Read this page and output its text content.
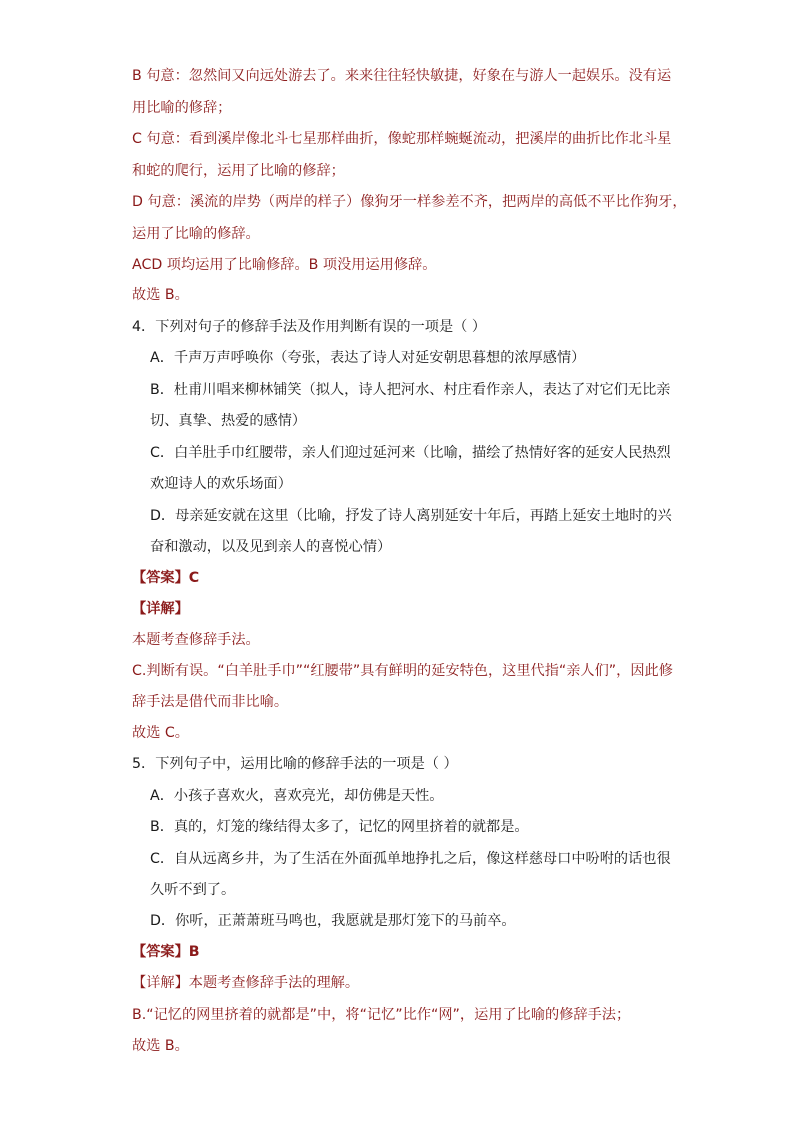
B 句意：忽然间又向远处游去了。来来往往轻快敏捷，好象在与游人一起娱乐。没有运
用比喻的修辞；
C 句意：看到溪岸像北斗七星那样曲折，像蛇那样蜿蜒流动，把溪岸的曲折比作北斗星
和蛇的爬行，运用了比喻的修辞；
D 句意：溪流的岸势（两岸的样子）像狗牙一样参差不齐，把两岸的高低不平比作狗牙，
运用了比喻的修辞。
ACD 项均运用了比喻修辞。B 项没用运用修辞。
故选 B。
4．下列对句子的修辞手法及作用判断有误的一项是（ ）
A．千声万声呼唤你（夸张，表达了诗人对延安朝思暮想的浓厚感情）
B．杜甫川唱来柳林铺笑（拟人，诗人把河水、村庄看作亲人，表达了对它们无比亲
切、真挚、热爱的感情）
C．白羊肚手巾红腰带，亲人们迎过延河来（比喻，描绘了热情好客的延安人民热烈
欢迎诗人的欢乐场面）
D．母亲延安就在这里（比喻，抒发了诗人离别延安十年后，再踏上延安土地时的兴
奋和激动，以及见到亲人的喜悦心情）
【答案】C
【详解】
本题考查修辞手法。
C.判断有误。“白羊肚手巾”“红腰带”具有鲜明的延安特色，这里代指“亲人们”，因此修
辞手法是借代而非比喻。
故选 C。
5．下列句子中，运用比喻的修辞手法的一项是（ ）
A．小孩子喜欢火，喜欢亮光，却仿佛是天性。
B．真的，灯笼的缘结得太多了，记忆的网里挤着的就都是。
C．自从远离乡井，为了生活在外面孤单地挣扎之后，像这样慈母口中吩咐的话也很
久听不到了。
D．你听，正萧萧班马鸣也，我愿就是那灯笼下的马前卒。
【答案】B
【详解】本题考查修辞手法的理解。
B.“记忆的网里挤着的就都是”中，将“记忆”比作“网”，运用了比喻的修辞手法；
故选 B。
